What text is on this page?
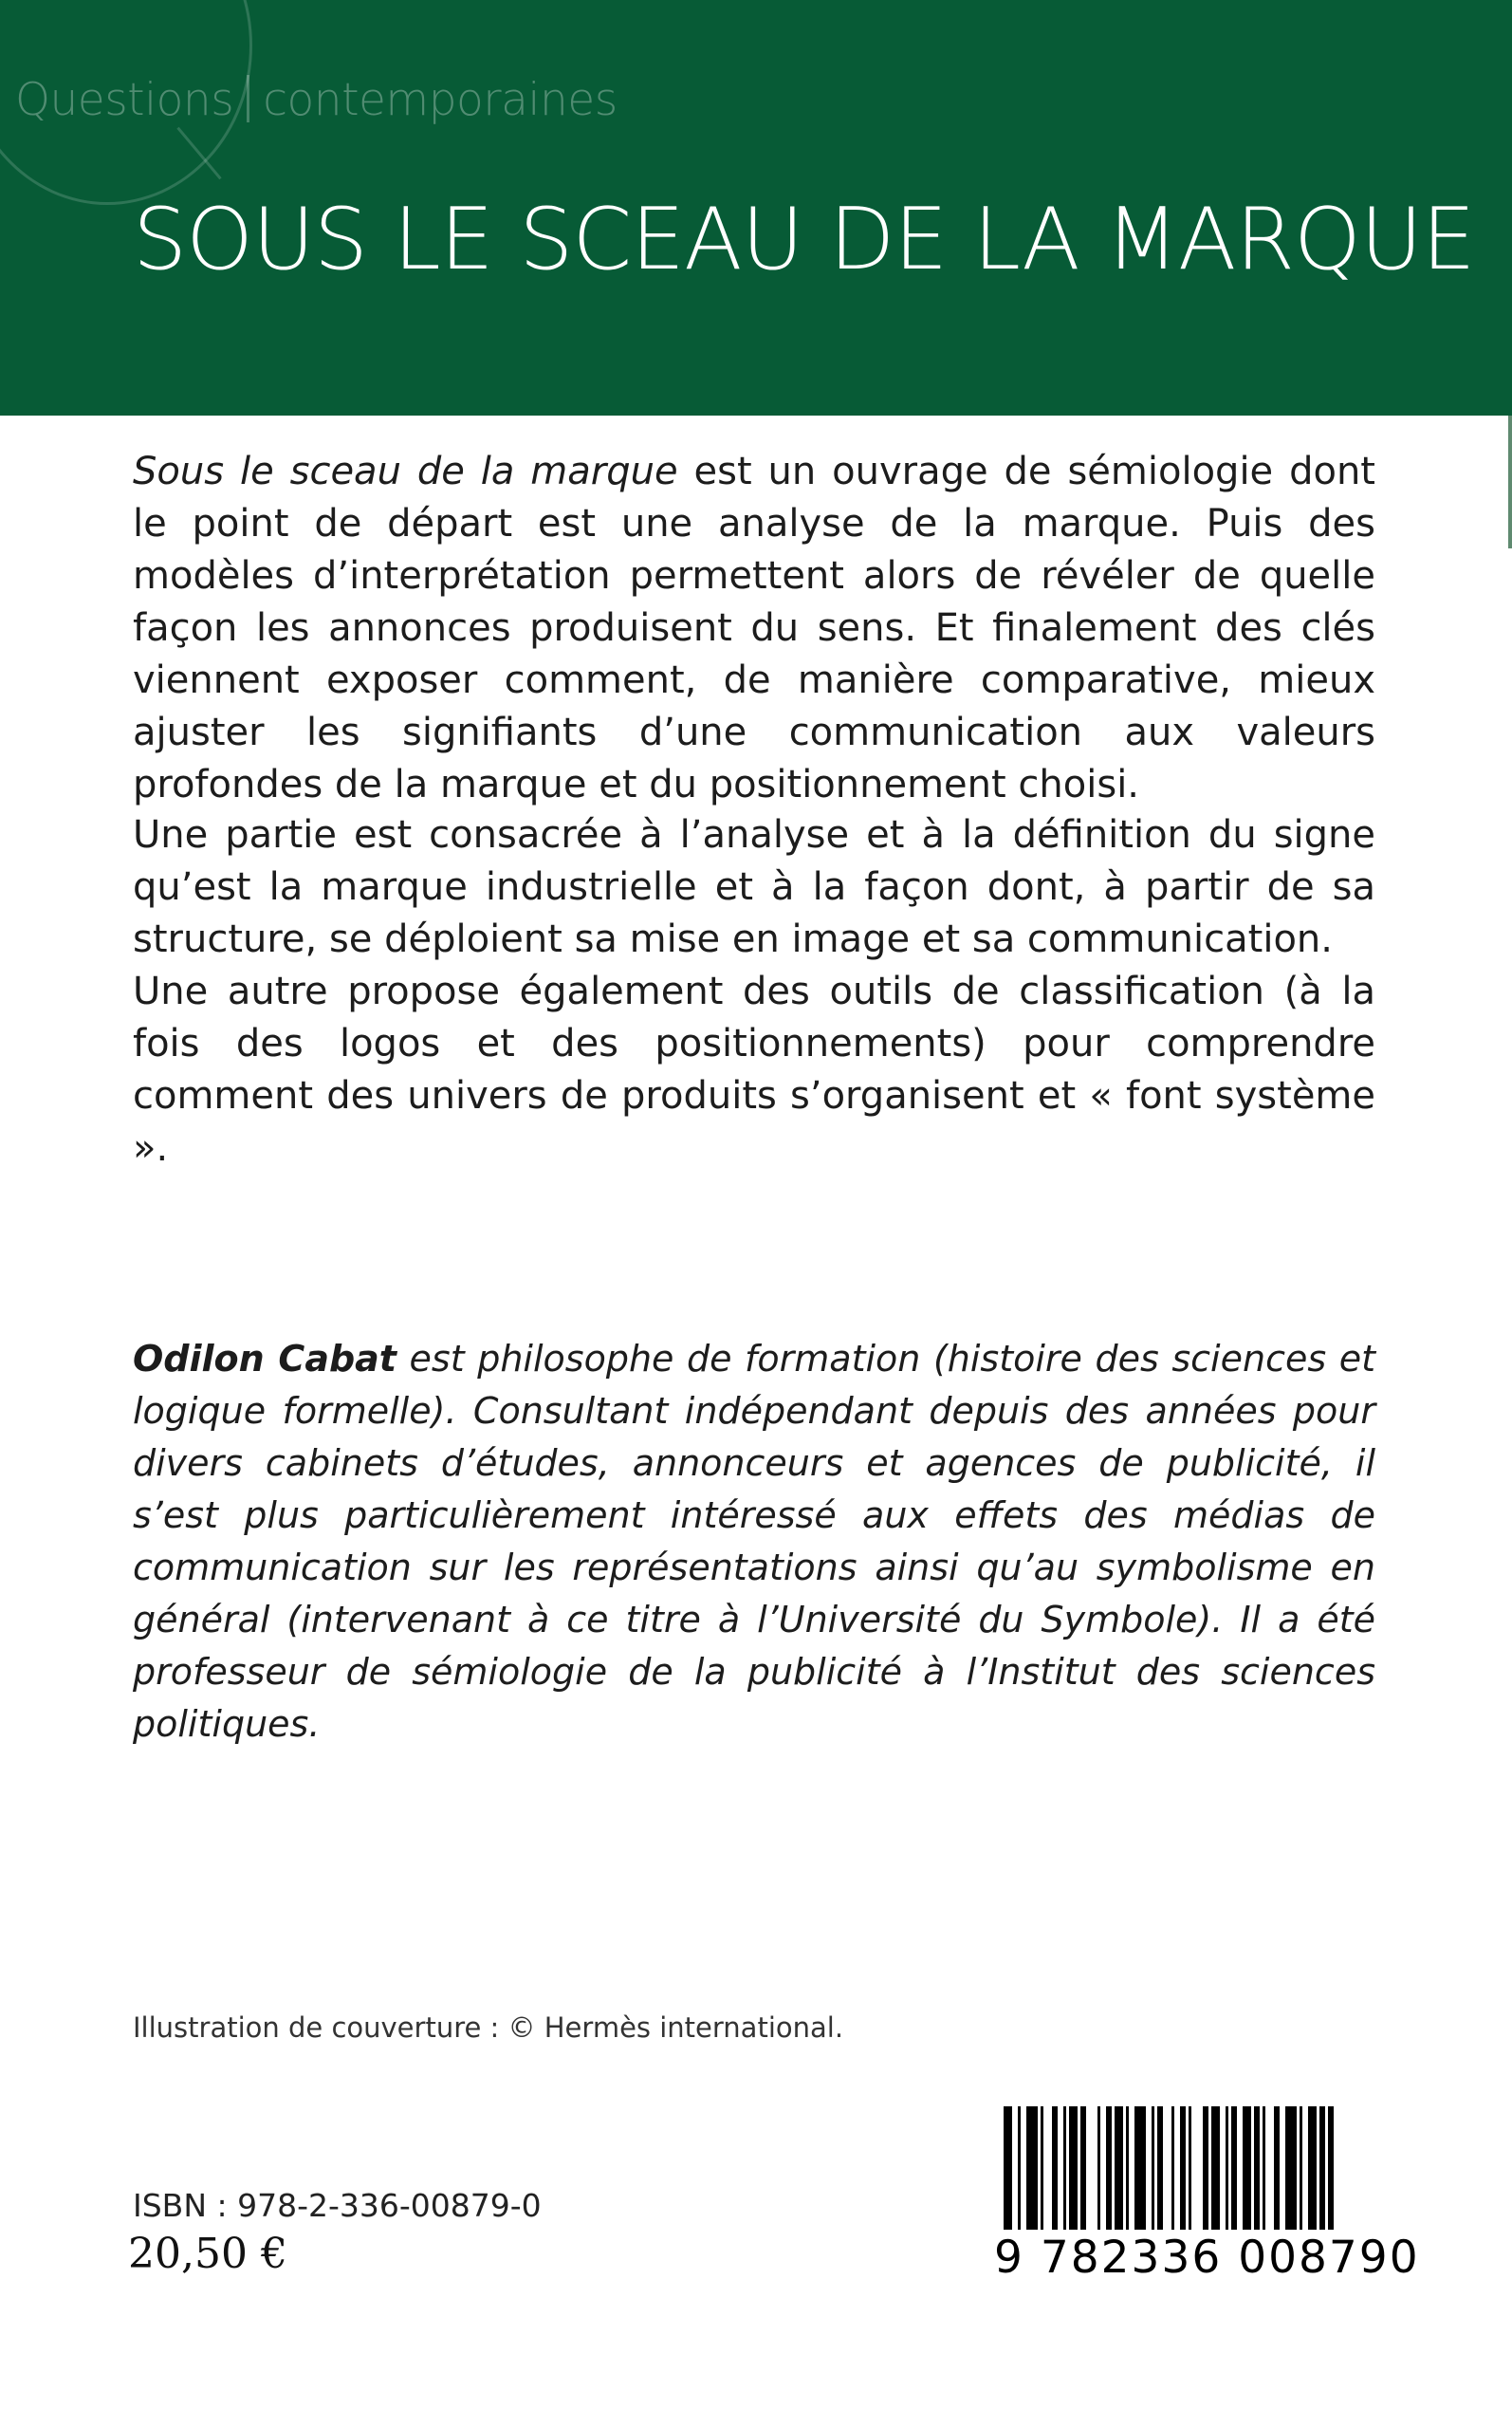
Questions contemporaines
SOUS LE SCEAU DE LA MARQUE

Sous le sceau de la marque est un ouvrage de sémiologie dont le point de départ est une analyse de la marque. Puis des modèles d’interprétation permettent alors de révéler de quelle façon les annonces produisent du sens. Et finalement des clés viennent exposer comment, de manière comparative, mieux ajuster les signifiants d’une communication aux valeurs profondes de la marque et du positionnement choisi.

Une partie est consacrée à l’analyse et à la définition du signe qu’est la marque industrielle et à la façon dont, à partir de sa structure, se déploient sa mise en image et sa communication.

Une autre propose également des outils de classification (à la fois des logos et des positionnements) pour comprendre comment des univers de produits s’organisent et « font système ».

Odilon Cabat est philosophe de formation (histoire des sciences et logique formelle). Consultant indépendant depuis des années pour divers cabinets d’études, annonceurs et agences de publicité, il s’est plus particulièrement intéressé aux effets des médias de communication sur les représentations ainsi qu’au symbolisme en général (intervenant à ce titre à l’Université du Symbole). Il a été professeur de sémiologie de la publicité à l’Institut des sciences politiques.
Illustration de couverture : © Hermès international.
ISBN : 978-2-336-00879-0
20,50 €	9 782336 008790
